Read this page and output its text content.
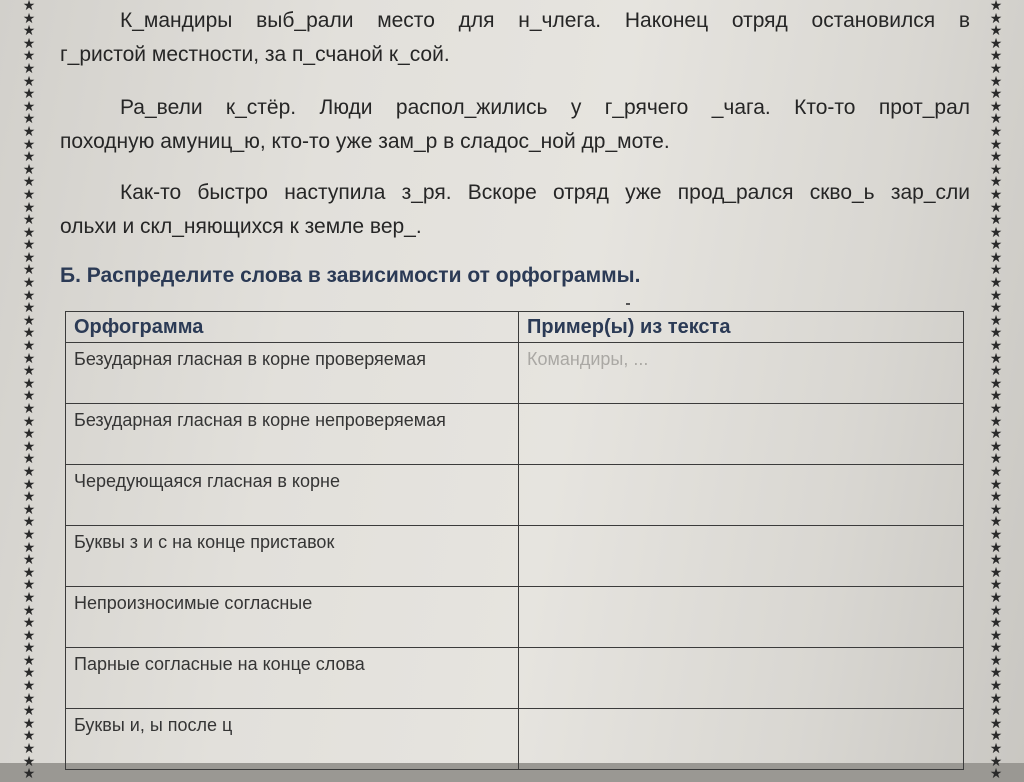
★
★
★
★
★
★
★
★
★
★
★
★
★
★
★
★
★
★
★
★
★
★
★
★
★
★
★
★
★
★
★
★
★
★
★
★
★
★
★
★
★
★
★
★
★
★
★
★
★
★
★
★
★
★
★
★
★
★
★
★
★
★
★
★
★
★
★
★
★
★
★
★
★
★
★
★
★
★
★
★
★
★
★
★
★
★
★
★
★
★
★
★
★
★
★
★
★
★
★
★
★
★
★
★
★
★
★
★
★
★
★
★
★
★
★
★
★
★
★
★
★
★
★
★

К_мандиры выб_рали место для н_члега. Наконец отряд остановился в
г_ристой местности, за п_счаной к_сой.

Ра_вели к_стёр. Люди распол_жились у г_рячего _чага. Кто-то прот_рал
походную амуниц_ю, кто-то уже зам_р в сладос_ной др_моте.

Как-то быстро наступила з_ря. Вскоре отряд уже прод_рался скво_ь зар_сли
ольхи и скл_няющихся к земле вер_.

Б. Распределите слова в зависимости от орфограммы.

Орфограмма	Пример(ы) из текста
Безударная гласная в корне проверяемая	Командиры, ...
Безударная гласная в корне непроверяемая	
Чередующаяся гласная в корне	
Буквы з и с на конце приставок	
Непроизносимые согласные	
Парные согласные на конце слова	
Буквы и, ы после ц	
